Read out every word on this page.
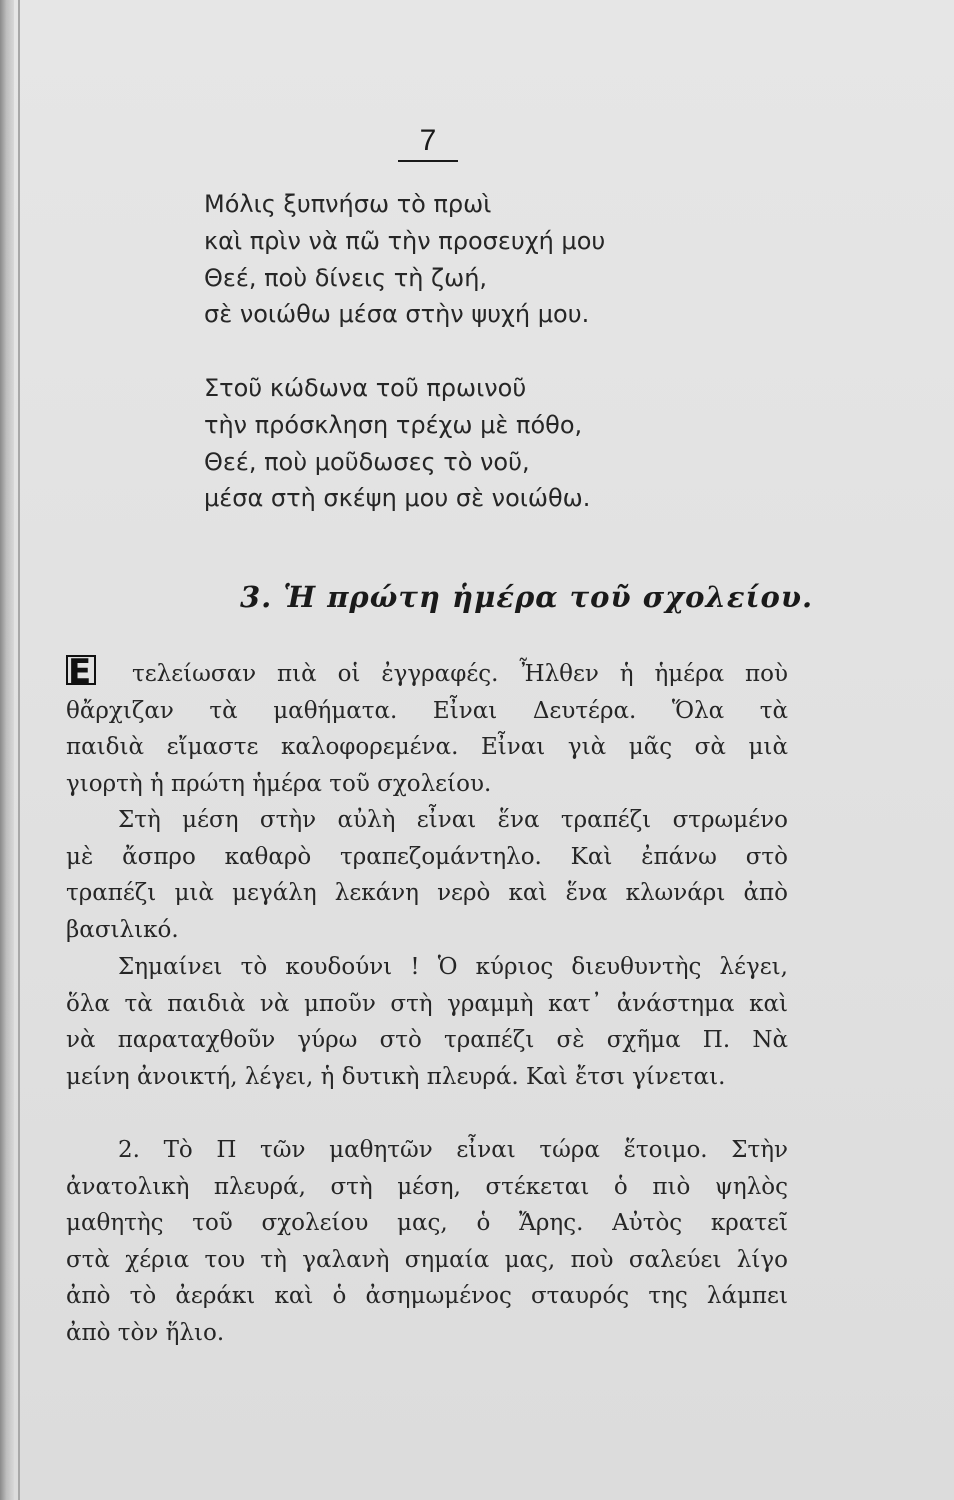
7
Μόλις ξυπνήσω τὸ πρωὶ
καὶ πρὶν νὰ πῶ τὴν προσευχή μου
Θεέ, ποὺ δίνεις τὴ ζωή,
σὲ νοιώθω μέσα στὴν ψυχή μου.
Στοῦ κώδωνα τοῦ πρωινοῦ
τὴν πρόσκληση τρέχω μὲ πόθο,
Θεέ, ποὺ μοῦδωσες τὸ νοῦ,
μέσα στὴ σκέψη μου σὲ νοιώθω.
3. Ἡ πρώτη ἡμέρα τοῦ σχολείου.
Ε τελείωσαν πιὰ οἱ ἐγγραφές. Ἦλθεν ἡ ἡμέρα ποὺ
θἄρχιζαν τὰ μαθήματα. Εἶναι Δευτέρα. Ὅλα τὰ
παιδιὰ εἴμαστε καλοφορεμένα. Εἶναι γιὰ μᾶς σὰ μιὰ
γιορτὴ ἡ πρώτη ἡμέρα τοῦ σχολείου.
Στὴ μέση στὴν αὐλὴ εἶναι ἕνα τραπέζι στρωμένο
μὲ ἄσπρο καθαρὸ τραπεζομάντηλο. Καὶ ἐπάνω στὸ
τραπέζι μιὰ μεγάλη λεκάνη νερὸ καὶ ἕνα κλωνάρι ἀπὸ
βασιλικό.
Σημαίνει τὸ κουδούνι ! Ὁ κύριος διευθυντὴς λέγει,
ὅλα τὰ παιδιὰ νὰ μποῦν στὴ γραμμὴ κατ᾿ ἀνάστημα καὶ
νὰ παραταχθοῦν γύρω στὸ τραπέζι σὲ σχῆμα Π. Νὰ
μείνη ἀνοικτή, λέγει, ἡ δυτικὴ πλευρά. Καὶ ἔτσι γίνεται.
2. Τὸ Π τῶν μαθητῶν εἶναι τώρα ἕτοιμο. Στὴν
ἀνατολικὴ πλευρά, στὴ μέση, στέκεται ὁ πιὸ ψηλὸς
μαθητὴς τοῦ σχολείου μας, ὁ Ἄρης. Αὐτὸς κρατεῖ
στὰ χέρια του τὴ γαλανὴ σημαία μας, ποὺ σαλεύει λίγο
ἀπὸ τὸ ἀεράκι καὶ ὁ ἀσημωμένος σταυρός της λάμπει
ἀπὸ τὸν ἥλιο.
